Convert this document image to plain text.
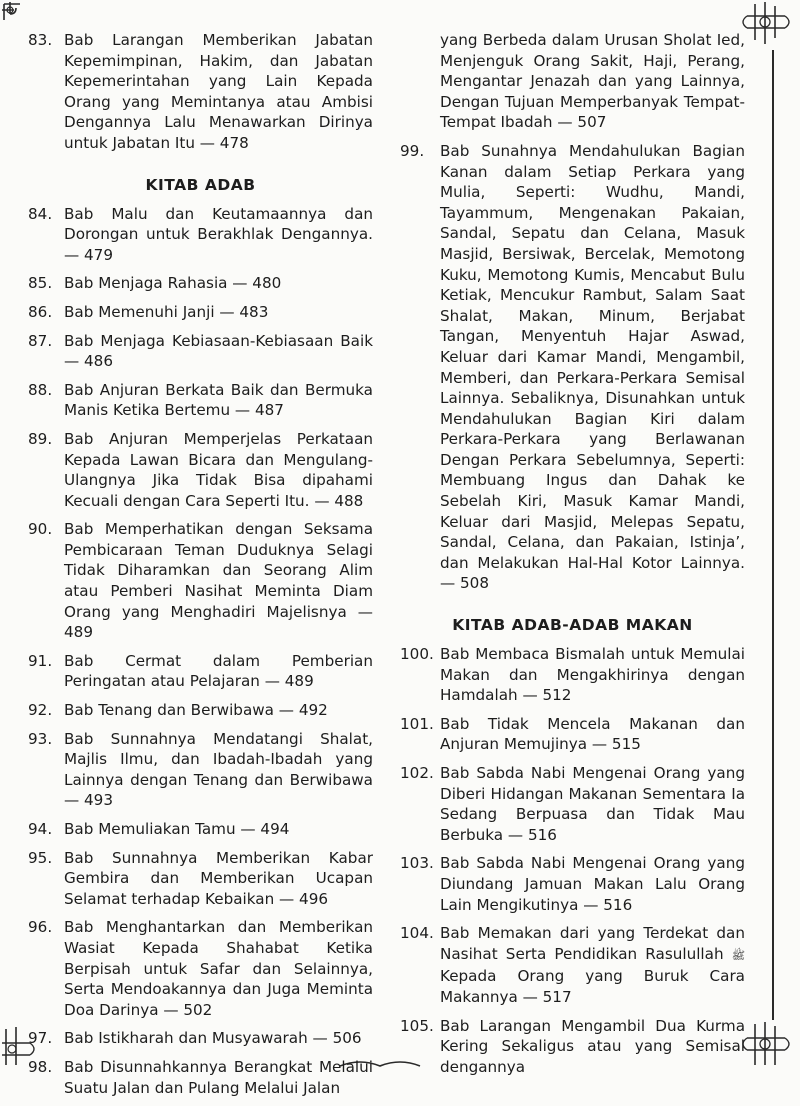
83. Bab Larangan Memberikan Jabatan Kepemimpinan, Hakim, dan Jabatan Kepemerintahan yang Lain Kepada Orang yang Memintanya atau Ambisi Dengannya Lalu Menawarkan Dirinya untuk Jabatan Itu — 478
KITAB ADAB
84. Bab Malu dan Keutamaannya dan Dorongan untuk Berakhlak Dengannya. — 479
85. Bab Menjaga Rahasia — 480
86. Bab Memenuhi Janji — 483
87. Bab Menjaga Kebiasaan-Kebiasaan Baik — 486
88. Bab Anjuran Berkata Baik dan Bermuka Manis Ketika Bertemu — 487
89. Bab Anjuran Memperjelas Perkataan Kepada Lawan Bicara dan Mengulang-Ulangnya Jika Tidak Bisa dipahami Kecuali dengan Cara Seperti Itu. — 488
90. Bab Memperhatikan dengan Seksama Pembicaraan Teman Duduknya Selagi Tidak Diharamkan dan Seorang Alim atau Pemberi Nasihat Meminta Diam Orang yang Menghadiri Majelisnya — 489
91. Bab Cermat dalam Pemberian Peringatan atau Pelajaran — 489
92. Bab Tenang dan Berwibawa — 492
93. Bab Sunnahnya Mendatangi Shalat, Majlis Ilmu, dan Ibadah-Ibadah yang Lainnya dengan Tenang dan Berwibawa — 493
94. Bab Memuliakan Tamu — 494
95. Bab Sunnahnya Memberikan Kabar Gembira dan Memberikan Ucapan Selamat terhadap Kebaikan — 496
96. Bab Menghantarkan dan Memberikan Wasiat Kepada Shahabat Ketika Berpisah untuk Safar dan Selainnya, Serta Mendoakannya dan Juga Meminta Doa Darinya — 502
97. Bab Istikharah dan Musyawarah — 506
98. Bab Disunnahkannya Berangkat Melalui Suatu Jalan dan Pulang Melalui Jalan
yang Berbeda dalam Urusan Sholat Ied, Menjenguk Orang Sakit, Haji, Perang, Mengantar Jenazah dan yang Lainnya, Dengan Tujuan Memperbanyak Tempat-Tempat Ibadah — 507
99.	Bab Sunahnya Mendahulukan Bagian Kanan dalam Setiap Perkara yang Mulia, Seperti: Wudhu, Mandi, Tayammum, Mengenakan Pakaian, Sandal, Sepatu dan Celana, Masuk Masjid, Bersiwak, Bercelak, Memotong Kuku, Memotong Kumis, Mencabut Bulu Ketiak, Mencukur Rambut, Salam Saat Shalat, Makan, Minum, Berjabat Tangan, Menyentuh Hajar Aswad, Keluar dari Kamar Mandi, Mengambil, Memberi, dan Perkara-Perkara Semisal Lainnya. Sebaliknya, Disunahkan untuk Mendahulukan Bagian Kiri dalam Perkara-Perkara yang Berlawanan Dengan Perkara Sebelumnya, Seperti: Membuang Ingus dan Dahak ke Sebelah Kiri, Masuk Kamar Mandi, Keluar dari Masjid, Melepas Sepatu, Sandal, Celana, dan Pakaian, Istinja’, dan Melakukan Hal-Hal Kotor Lainnya. — 508
KITAB ADAB-ADAB MAKAN
100. Bab Membaca Bismalah untuk Memulai Makan dan Mengakhirinya dengan Hamdalah — 512
101. Bab Tidak Mencela Makanan dan Anjuran Memujinya — 515
102. Bab Sabda Nabi Mengenai Orang yang Diberi Hidangan Makanan Sementara Ia Sedang Berpuasa dan Tidak Mau Berbuka — 516
103. Bab Sabda Nabi Mengenai Orang yang Diundang Jamuan Makan Lalu Orang Lain Mengikutinya — 516
104. Bab Memakan dari yang Terdekat dan Nasihat Serta Pendidikan Rasulullah ﷺ Kepada Orang yang Buruk Cara Makannya — 517
105. Bab Larangan Mengambil Dua Kurma Kering Sekaligus atau yang Semisal dengannya
